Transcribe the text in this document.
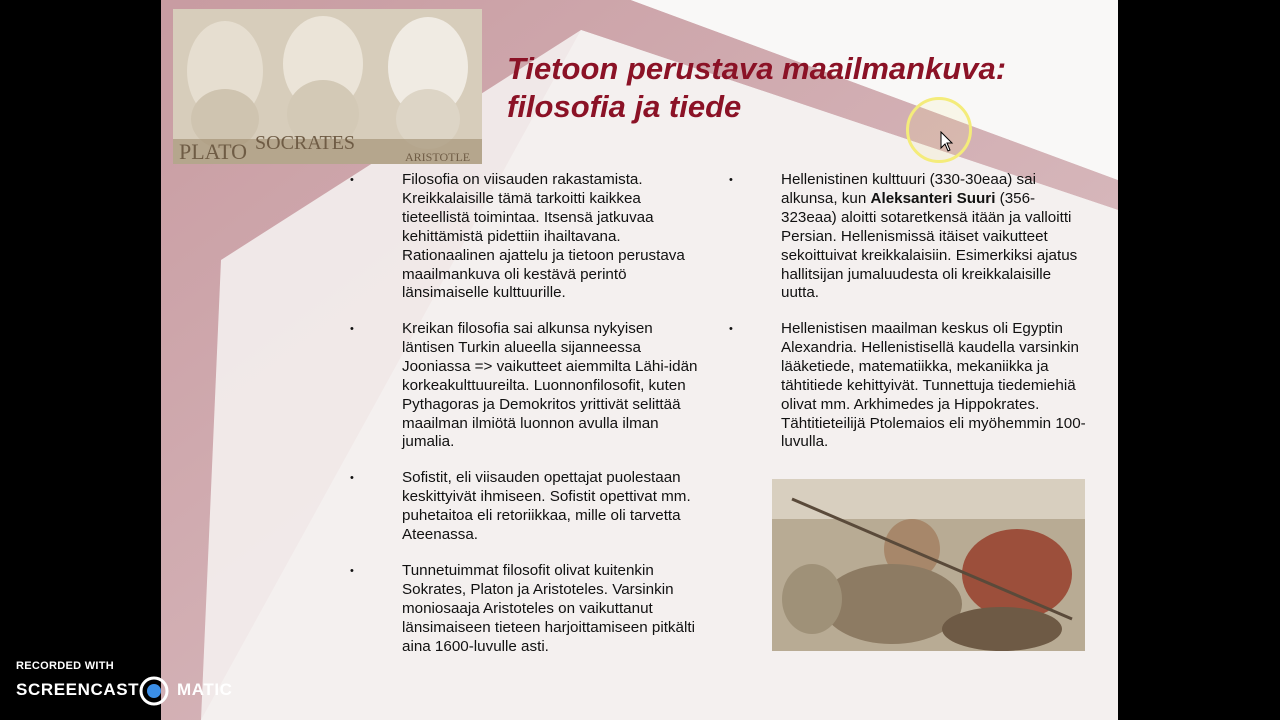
PLATO SOCRATES
ARISTOTLE
Tietoon perustava maailmankuva:
filosofia ja tiede
•	Filosofia on viisauden rakastamista. Kreikkalaisille tämä tarkoitti kaikkea tieteellistä toimintaa. Itsensä jatkuvaa kehittämistä pidettiin ihailtavana. Rationaalinen ajattelu ja tietoon perustava maailmankuva oli kestävä perintö länsimaiselle kulttuurille.

•	Kreikan filosofia sai alkunsa nykyisen läntisen Turkin alueella sijanneessa Jooniassa => vaikutteet aiemmilta Lähi-idän korkeakulttuureilta. Luonnonfilosofit, kuten Pythagoras ja Demokritos yrittivät selittää maailman ilmiötä luonnon avulla ilman jumalia.

•	Sofistit, eli viisauden opettajat puolestaan keskittyivät ihmiseen. Sofistit opettivat mm. puhetaitoa eli retoriikkaa, mille oli tarvetta Ateenassa.

•	Tunnetuimmat filosofit olivat kuitenkin Sokrates, Platon ja Aristoteles. Varsinkin moniosaaja Aristoteles on vaikuttanut länsimaiseen tieteen harjoittamiseen pitkälti aina 1600-luvulle asti.

•	Hellenistinen kulttuuri (330-30eaa) sai alkunsa, kun Aleksanteri Suuri (356-323eaa) aloitti sotaretkensä itään ja valloitti Persian. Hellenismissä itäiset vaikutteet sekoittuivat kreikkalaisiin. Esimerkiksi ajatus hallitsijan jumaluudesta oli kreikkalaisille uutta.

•	Hellenistisen maailman keskus oli Egyptin Alexandria. Hellenistisellä kaudella varsinkin lääketiede, matematiikka, mekaniikka ja tähtitiede kehittyivät. Tunnettuja tiedemiehiä olivat mm. Arkhimedes ja Hippokrates. Tähtitieteilijä Ptolemaios eli myöhemmin 100-luvulla.

RECORDED WITH
SCREENCAST MATIC
